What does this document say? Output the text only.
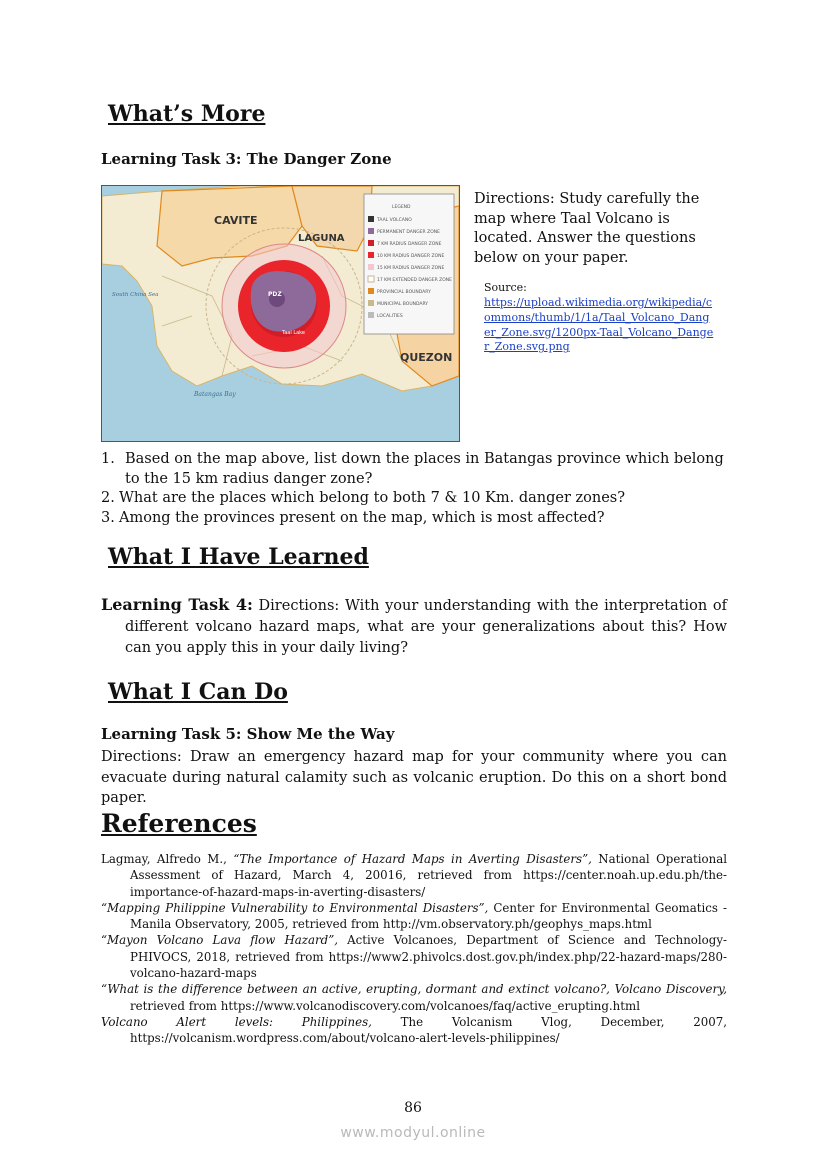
What’s More
Learning Task 3: The Danger Zone
LEGEND
TAAL VOLCANO
PERMANENT DANGER ZONE
7 KM RADIUS DANGER ZONE
10 KM RADIUS DANGER ZONE
15 KM RADIUS DANGER ZONE
17 KM EXTENDED DANGER ZONE
PROVINCIAL BOUNDARY
MUNICIPAL BOUNDARY
LOCALITIES
CAVITE
LAGUNA
QUEZON
PDZ
Taal Lake
South China Sea
Batangas Bay
Directions: Study carefully the map where Taal Volcano is located. Answer the questions below on your paper.
Source:
https://upload.wikimedia.org/wikipedia/commons/thumb/1/1a/Taal_Volcano_Danger_Zone.svg/1200px-Taal_Volcano_Danger_Zone.svg.png
1. Based on the map above, list down the places in Batangas province which belong to the 15 km radius danger zone?
2. What are the places which belong to both 7 & 10 Km. danger zones?
3. Among the provinces present on the map, which is most affected?
What I Have Learned
Learning Task 4: Directions: With your understanding with the interpretation of different volcano hazard maps, what are your generalizations about this? How can you apply this in your daily living?
What I Can Do
Learning Task 5: Show Me the Way
Directions: Draw an emergency hazard map for your community where you can evacuate during natural calamity such as volcanic eruption. Do this on a short bond paper.
References
Lagmay, Alfredo M., “The Importance of Hazard Maps in Averting Disasters”, National Operational Assessment of Hazard, March 4, 20016, retrieved from https://center.noah.up.edu.ph/the-importance-of-hazard-maps-in-averting-disasters/
“Mapping Philippine Vulnerability to Environmental Disasters”, Center for Environmental Geomatics - Manila Observatory, 2005, retrieved from http://vm.observatory.ph/geophys_maps.html
“Mayon Volcano Lava flow Hazard”, Active Volcanoes, Department of Science and Technology-PHIVOCS, 2018, retrieved from https://www2.phivolcs.dost.gov.ph/index.php/22-hazard-maps/280-volcano-hazard-maps
“What is the difference between an active, erupting, dormant and extinct volcano?, Volcano Discovery, retrieved from https://www.volcanodiscovery.com/volcanoes/faq/active_erupting.html
Volcano Alert levels: Philippines, The Volcanism Vlog, December, 2007, https://volcanism.wordpress.com/about/volcano-alert-levels-philippines/
86
www.modyul.online
